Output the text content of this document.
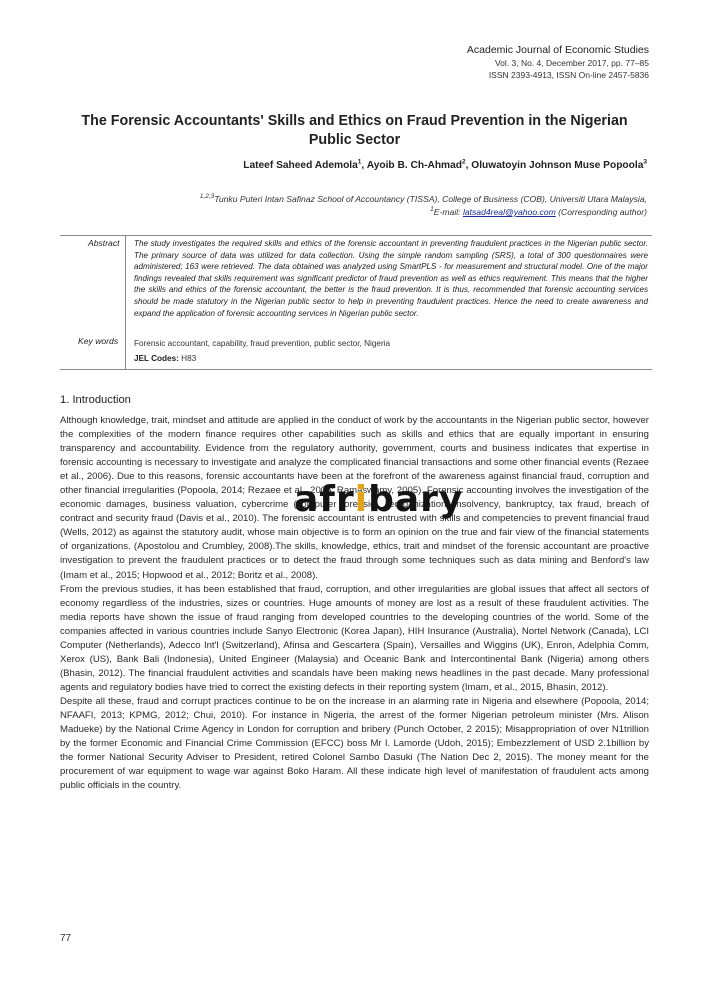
Academic Journal of Economic Studies
Vol. 3, No. 4, December 2017, pp. 77–85
ISSN 2393-4913, ISSN On-line 2457-5836
The Forensic Accountants' Skills and Ethics on Fraud Prevention in the Nigerian Public Sector
Lateef Saheed Ademola$^1$, Ayoib B. Ch-Ahmad$^2$, Oluwatoyin Johnson Muse Popoola$^3$
$^{1,2,3}$Tunku Puteri Intan Safinaz School of Accountancy (TISSA), College of Business (COB), Universiti Utara Malaysia,
$^1$E-mail: latsad4real@yahoo.com (Corresponding author)
Abstract The study investigates the required skills and ethics of the forensic accountant in preventing fraudulent practices in the Nigerian public sector. The primary source of data was utilized for data collection. Using the simple random sampling (SRS), a total of 300 questionnaires were administered; 163 were retrieved. The data obtained was analyzed using SmartPLS - for measurement and structural model. One of the major findings revealed that skills requirement was significant predictor of fraud prevention as well as ethics requirement. This means that the higher the skills and ethics of the forensic accountant, the better is the fraud prevention. It is thus, recommended that forensic accounting services should be made statutory in the Nigerian public sector to help in preventing fraudulent practices. Hence the need to create awareness and expand the application of forensic accounting services in Nigerian public sector.
Key words Forensic accountant, capability, fraud prevention, public sector, Nigeria
JEL Codes: H83
1. Introduction

Although knowledge, trait, mindset and attitude are applied in the conduct of work by the accountants in the Nigerian public sector, however the complexities of the modern finance requires other capabilities such as skills and ethics that are equally important in ensuring transparency and accountability. Evidence from the regulatory authority, government, courts and business indicates that expertise in forensic accounting is necessary to investigate and analyze the complicated financial transactions and some other financial events (Rezaee et al., 2006). Due to this reasons, forensic accountants have been at the forefront of the awareness against financial fraud, corruption and other financial irregularities (Popoola, 2014; Rezaee et al., 2006; Ramaswamy, 2005). Forensic accounting involves the investigation of the economic damages, business valuation, cybercrime (computer forensic), reorganization, insolvency, bankruptcy, tax fraud, breach of contract and security fraud (Davis et al., 2010). The forensic accountant is entrusted with skills and competencies to prevent financial fraud (Wells, 2012) as against the statutory audit, whose main objective is to form an opinion on the true and fair view of the financial statements of organizations. (Apostolou and Crumbley, 2008).The skills, knowledge, ethics, trait and mindset of the forensic accountant are proactive investigation to prevent the fraudulent practices or to detect the fraud through some techniques such as data mining and Benford's law (Imam et al., 2015; Hopwood et al., 2012; Boritz et al., 2008).

From the previous studies, it has been established that fraud, corruption, and other irregularities are global issues that affect all sectors of economy regardless of the industries, sizes or countries. Huge amounts of money are lost as a result of these fraudulent activities. The media reports have shown the issue of fraud ranging from developed countries to the developing countries of the world. Some of the companies affected in various countries include Sanyo Electronic (Korea Japan), HIH Insurance (Australia), Nortel Network (Canada), LCI Computer (Netherlands), Adecco Int'l (Switzerland), Afinsa and Gescartera (Spain), Versailles and Wiggins (UK), Enron, Adelphia Comm, Xerox (US), Bank Bali (Indonesia), United Engineer (Malaysia) and Oceanic Bank and Intercontinental Bank (Nigeria) among others (Bhasin, 2012). The financial fraudulent activities and scandals have been making news headlines in the past decade. Many professional agents and regulatory bodies have tried to correct the existing defects in their reporting system (Imam, et al., 2015, Bhasin, 2012).

Despite all these, fraud and corrupt practices continue to be on the increase in an alarming rate in Nigeria and elsewhere (Popoola, 2014; NFAAFI, 2013; KPMG, 2012; Chui, 2010). For instance in Nigeria, the arrest of the former Nigerian petroleum minister (Mrs. Alison Madueke) by the National Crime Agency in London for corruption and bribery (Punch October, 2 2015); Misappropriation of over N1trillion by the former Economic and Financial Crime Commission (EFCC) boss Mr I. Lamorde (Udoh, 2015); Embezzlement of USD 2.1billion by the former National Security Adviser to President, retired Colonel Sambo Dasuki (The Nation Dec 2, 2015). The money meant for the procurement of war equipment to wage war against Boko Haram. All these indicate high level of manifestation of fraudulent acts among public officials in the country.

afribary
77
